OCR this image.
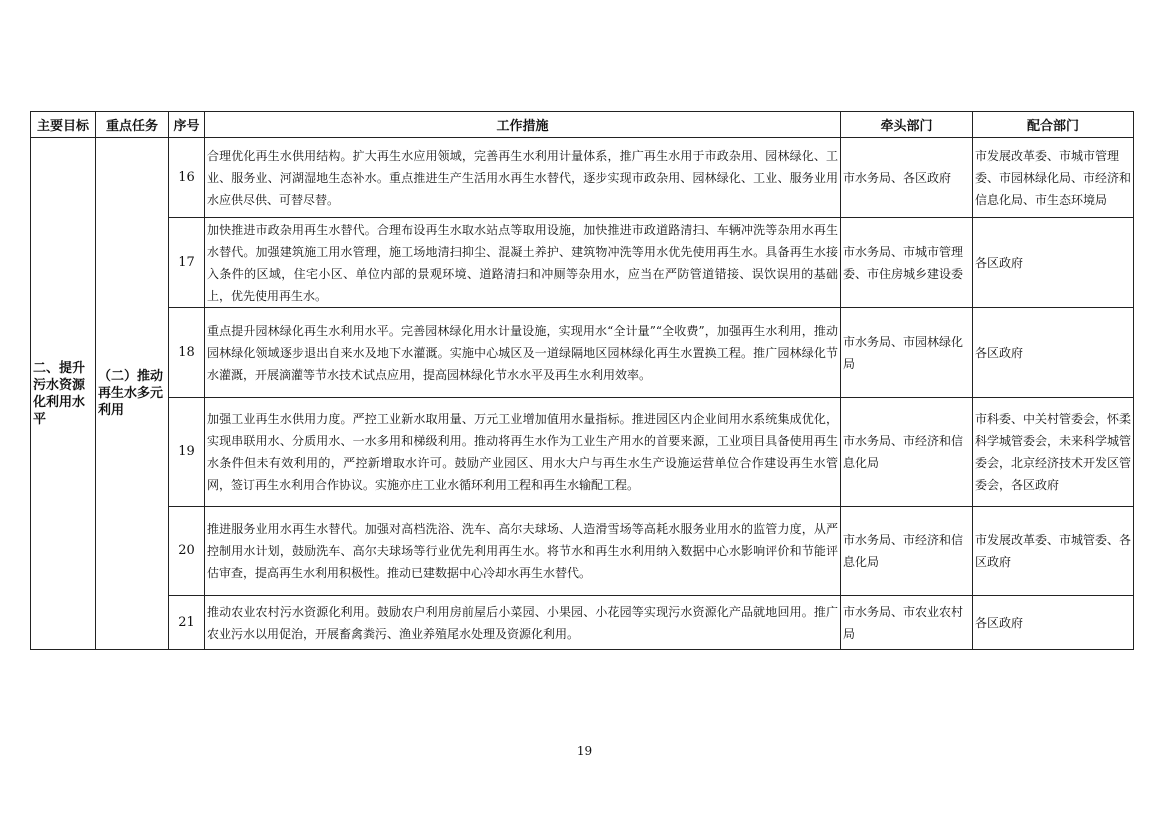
主要目标	重点任务	序号	工作措施	牵头部门	配合部门
二、提升污水资源化利用水平	（二）推动再生水多元利用	16	合理优化再生水供用结构。扩大再生水应用领域，完善再生水利用计量体系，推广再生水用于市政杂用、园林绿化、工业、服务业、河湖湿地生态补水。重点推进生产生活用水再生水替代，逐步实现市政杂用、园林绿化、工业、服务业用水应供尽供、可替尽替。	市水务局、各区政府	市发展改革委、市城市管理委、市园林绿化局、市经济和信息化局、市生态环境局
		17	加快推进市政杂用再生水替代。合理布设再生水取水站点等取用设施，加快推进市政道路清扫、车辆冲洗等杂用水再生水替代。加强建筑施工用水管理，施工场地清扫抑尘、混凝土养护、建筑物冲洗等用水优先使用再生水。具备再生水接入条件的区域，住宅小区、单位内部的景观环境、道路清扫和冲厕等杂用水，应当在严防管道错接、误饮误用的基础上，优先使用再生水。	市水务局、市城市管理委、市住房城乡建设委	各区政府
		18	重点提升园林绿化再生水利用水平。完善园林绿化用水计量设施，实现用水“全计量”“全收费”，加强再生水利用，推动园林绿化领域逐步退出自来水及地下水灌溉。实施中心城区及一道绿隔地区园林绿化再生水置换工程。推广园林绿化节水灌溉，开展滴灌等节水技术试点应用，提高园林绿化节水水平及再生水利用效率。	市水务局、市园林绿化局	各区政府
		19	加强工业再生水供用力度。严控工业新水取用量、万元工业增加值用水量指标。推进园区内企业间用水系统集成优化，实现串联用水、分质用水、一水多用和梯级利用。推动将再生水作为工业生产用水的首要来源，工业项目具备使用再生水条件但未有效利用的，严控新增取水许可。鼓励产业园区、用水大户与再生水生产设施运营单位合作建设再生水管网，签订再生水利用合作协议。实施亦庄工业水循环利用工程和再生水输配工程。	市水务局、市经济和信息化局	市科委、中关村管委会，怀柔科学城管委会，未来科学城管委会，北京经济技术开发区管委会，各区政府
		20	推进服务业用水再生水替代。加强对高档洗浴、洗车、高尔夫球场、人造滑雪场等高耗水服务业用水的监管力度，从严控制用水计划，鼓励洗车、高尔夫球场等行业优先利用再生水。将节水和再生水利用纳入数据中心水影响评价和节能评估审查，提高再生水利用积极性。推动已建数据中心冷却水再生水替代。	市水务局、市经济和信息化局	市发展改革委、市城管委、各区政府
		21	推动农业农村污水资源化利用。鼓励农户利用房前屋后小菜园、小果园、小花园等实现污水资源化产品就地回用。推广农业污水以用促治，开展畜禽粪污、渔业养殖尾水处理及资源化利用。	市水务局、市农业农村局	各区政府
19
